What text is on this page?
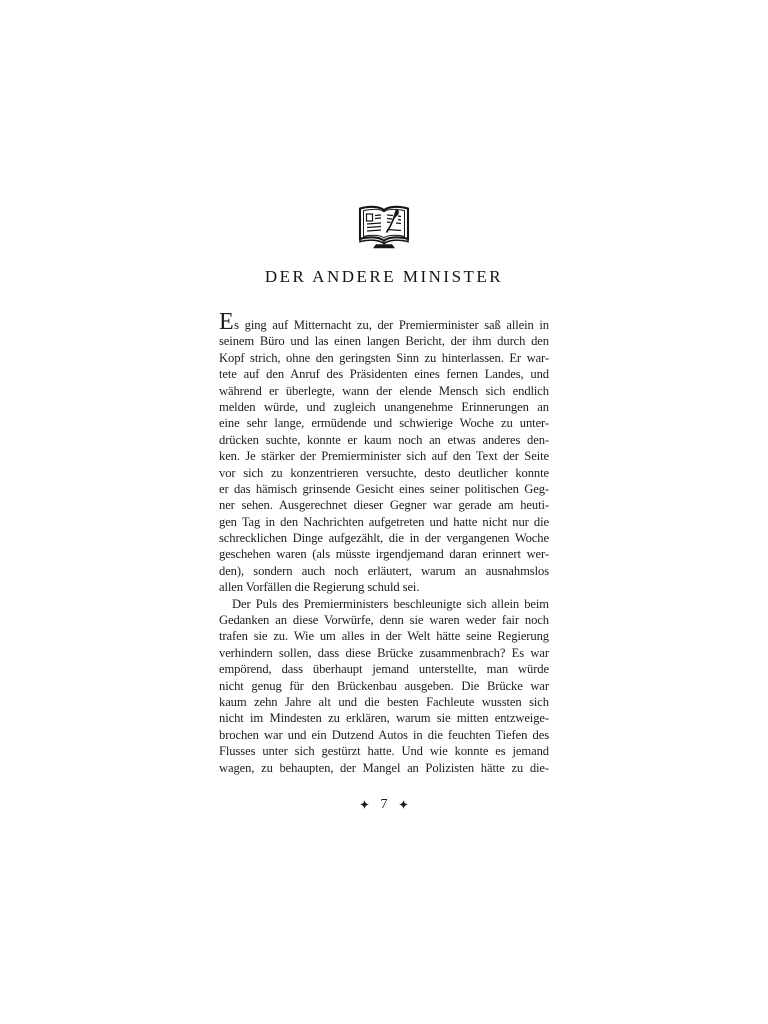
DER ANDERE MINISTER
Es ging auf Mitternacht zu, der Premierminister saß allein in
seinem Büro und las einen langen Bericht, der ihm durch den
Kopf strich, ohne den geringsten Sinn zu hinterlassen. Er war-
tete auf den Anruf des Präsidenten eines fernen Landes, und
während er überlegte, wann der elende Mensch sich endlich
melden würde, und zugleich unangenehme Erinnerungen an
eine sehr lange, ermüdende und schwierige Woche zu unter-
drücken suchte, konnte er kaum noch an etwas anderes den-
ken. Je stärker der Premierminister sich auf den Text der Seite
vor sich zu konzentrieren versuchte, desto deutlicher konnte
er das hämisch grinsende Gesicht eines seiner politischen Geg-
ner sehen. Ausgerechnet dieser Gegner war gerade am heuti-
gen Tag in den Nachrichten aufgetreten und hatte nicht nur die
schrecklichen Dinge aufgezählt, die in der vergangenen Woche
geschehen waren (als müsste irgendjemand daran erinnert wer-
den), sondern auch noch erläutert, warum an ausnahmslos
allen Vorfällen die Regierung schuld sei.
Der Puls des Premierministers beschleunigte sich allein beim
Gedanken an diese Vorwürfe, denn sie waren weder fair noch
trafen sie zu. Wie um alles in der Welt hätte seine Regierung
verhindern sollen, dass diese Brücke zusammenbrach? Es war
empörend, dass überhaupt jemand unterstellte, man würde
nicht genug für den Brückenbau ausgeben. Die Brücke war
kaum zehn Jahre alt und die besten Fachleute wussten sich
nicht im Mindesten zu erklären, warum sie mitten entzweige-
brochen war und ein Dutzend Autos in die feuchten Tiefen des
Flusses unter sich gestürzt hatte. Und wie konnte es jemand
wagen, zu behaupten, der Mangel an Polizisten hätte zu die-
7
